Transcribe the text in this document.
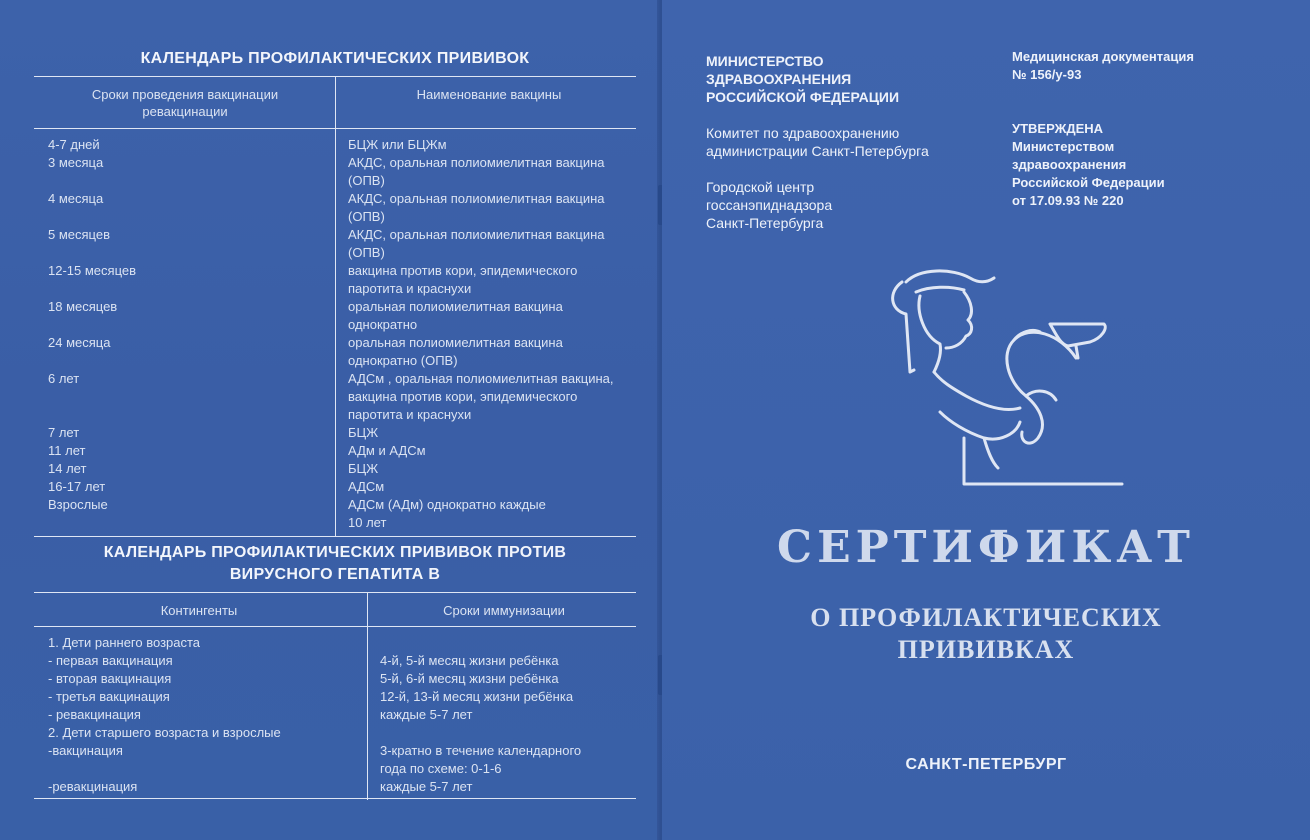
КАЛЕНДАРЬ ПРОФИЛАКТИЧЕСКИХ ПРИВИВОК
Сроки проведения вакцинации ревакцинации
Наименование вакцины
4-7 дней	БЦЖ или БЦЖм
3 месяца	АКДС, оральная полиомиелитная вакцина (ОПВ)
4 месяца	АКДС, оральная полиомиелитная вакцина (ОПВ)
5 месяцев	АКДС, оральная полиомиелитная вакцина (ОПВ)
12-15 месяцев	вакцина против кори, эпидемического паротита и краснухи
18 месяцев	оральная полиомиелитная вакцина однократно
24 месяца	оральная полиомиелитная вакцина однократно (ОПВ)
6 лет	АДСм , оральная полиомиелитная вакцина, вакцина против кори, эпидемического паротита и краснухи
7 лет	БЦЖ
11 лет	АДм и АДСм
14 лет	БЦЖ
16-17 лет	АДСм
Взрослые	АДСм (АДм) однократно каждые 10 лет
КАЛЕНДАРЬ ПРОФИЛАКТИЧЕСКИХ ПРИВИВОК ПРОТИВ ВИРУСНОГО ГЕПАТИТА В
Контингенты	Сроки иммунизации
1. Дети раннего возраста
- первая вакцинация	4-й, 5-й месяц жизни ребёнка
- вторая вакцинация	5-й, 6-й месяц жизни ребёнка
- третья вакцинация	12-й, 13-й месяц жизни ребёнка
- ревакцинация	каждые 5-7 лет
2. Дети старшего возраста и взрослые
-вакцинация	3-кратно в течение календарного
года по схеме: 0-1-6
-ревакцинация	каждые 5-7 лет
МИНИСТЕРСТВО
ЗДРАВООХРАНЕНИЯ
РОССИЙСКОЙ ФЕДЕРАЦИИ
Комитет по здравоохранению
администрации Санкт-Петербурга
Городской центр
госсанэпиднадзора
Санкт-Петербурга
Медицинская документация
№ 156/у-93
УТВЕРЖДЕНА
Министерством
здравоохранения
Российской Федерации
от 17.09.93 № 220
СЕРТИФИКАТ
О ПРОФИЛАКТИЧЕСКИХ
ПРИВИВКАХ
САНКТ-ПЕТЕРБУРГ
